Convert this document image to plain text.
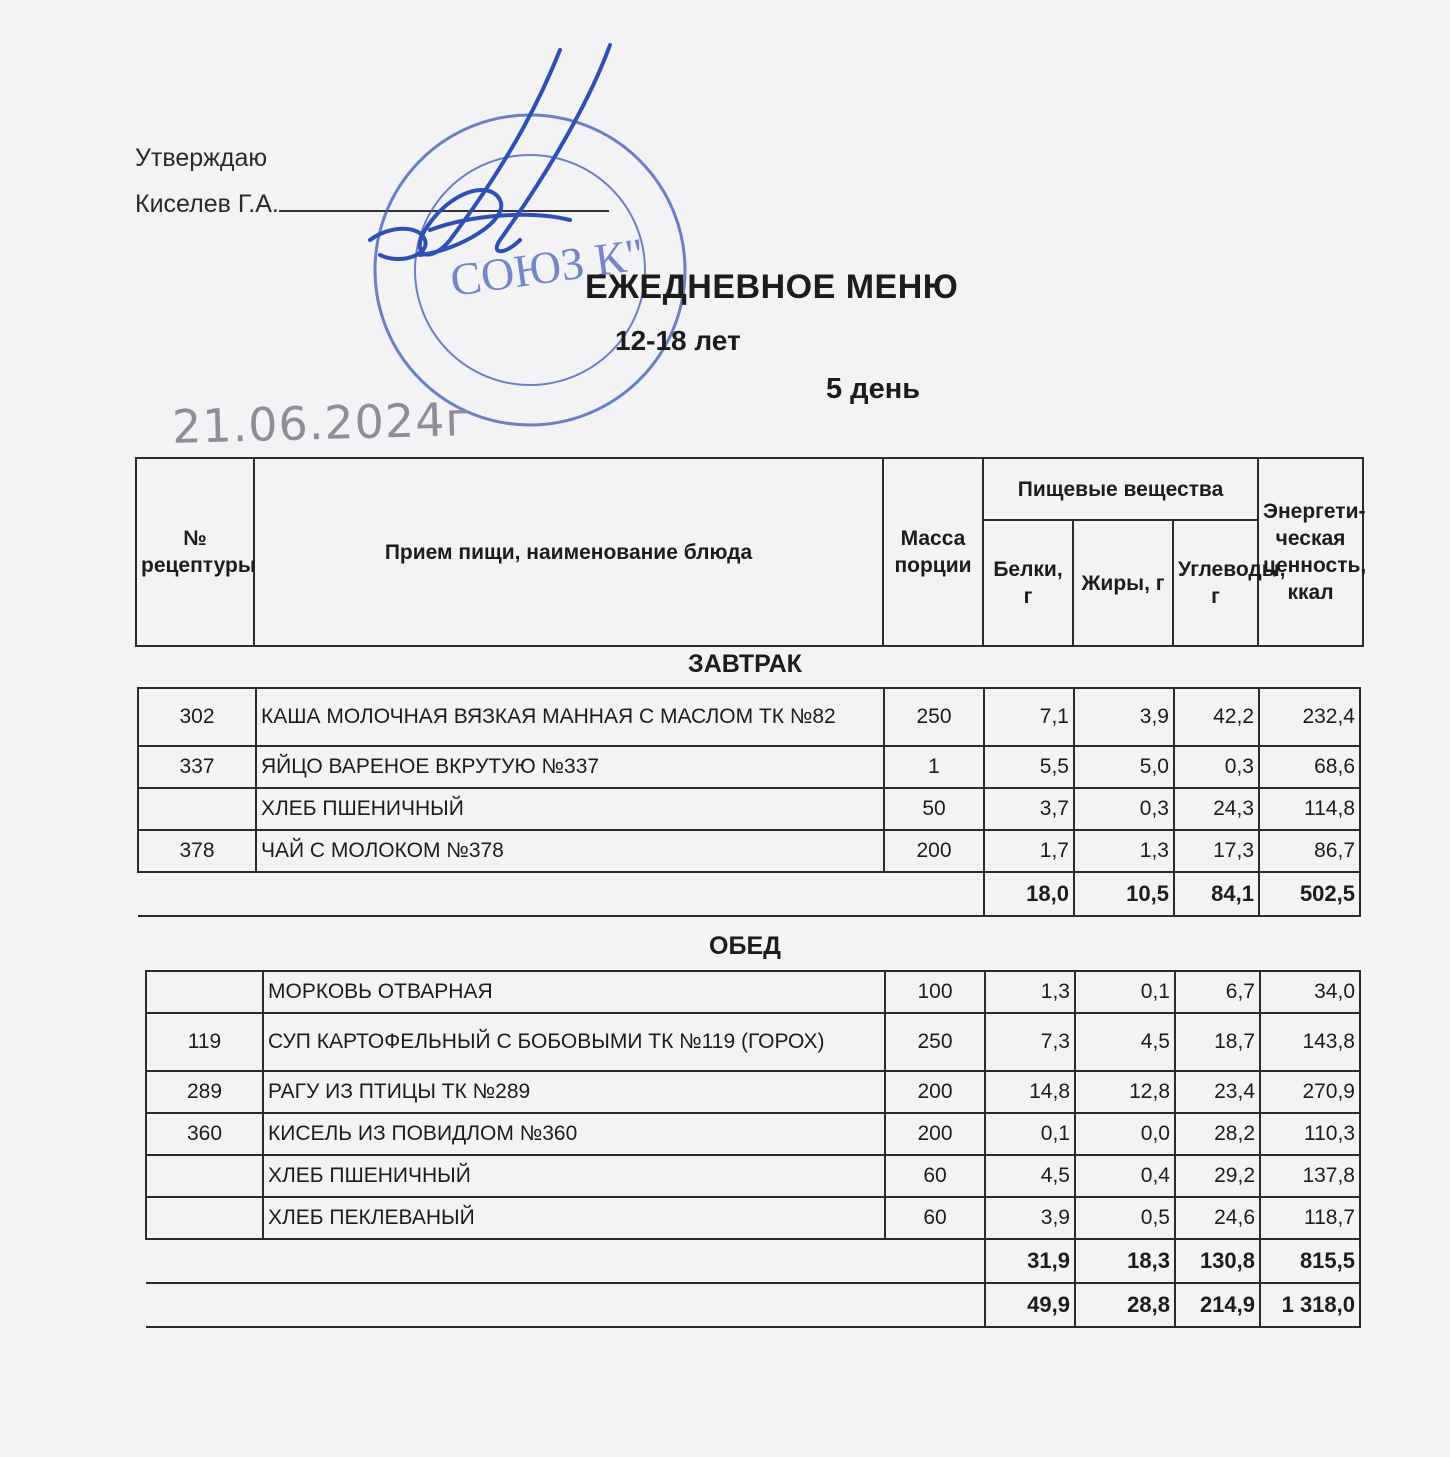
Утверждаю
Киселев Г.А.
СОЮЗ К"
ЕЖЕДНЕВНОЕ МЕНЮ
12-18 лет
5 день
21.06.2024г
№ рецептуры	Прием пищи, наименование блюда	Масса порции	Пищевые вещества			Энергети-ческая ценность, ккал
			Белки, г	Жиры, г	Углеводы, г	
ЗАВТРАК
302	КАША МОЛОЧНАЯ ВЯЗКАЯ МАННАЯ С МАСЛОМ ТК №82	250	7,1	3,9	42,2	232,4
337	ЯЙЦО ВАРЕНОЕ ВКРУТУЮ №337	1	5,5	5,0	0,3	68,6
	ХЛЕБ ПШЕНИЧНЫЙ	50	3,7	0,3	24,3	114,8
378	ЧАЙ С МОЛОКОМ №378	200	1,7	1,3	17,3	86,7
			18,0	10,5	84,1	502,5
ОБЕД
	МОРКОВЬ ОТВАРНАЯ	100	1,3	0,1	6,7	34,0
119	СУП КАРТОФЕЛЬНЫЙ С БОБОВЫМИ ТК №119 (ГОРОХ)	250	7,3	4,5	18,7	143,8
289	РАГУ ИЗ ПТИЦЫ ТК №289	200	14,8	12,8	23,4	270,9
360	КИСЕЛЬ ИЗ ПОВИДЛОМ №360	200	0,1	0,0	28,2	110,3
	ХЛЕБ ПШЕНИЧНЫЙ	60	4,5	0,4	29,2	137,8
	ХЛЕБ ПЕКЛЕВАНЫЙ	60	3,9	0,5	24,6	118,7
			31,9	18,3	130,8	815,5
			49,9	28,8	214,9	1 318,0
